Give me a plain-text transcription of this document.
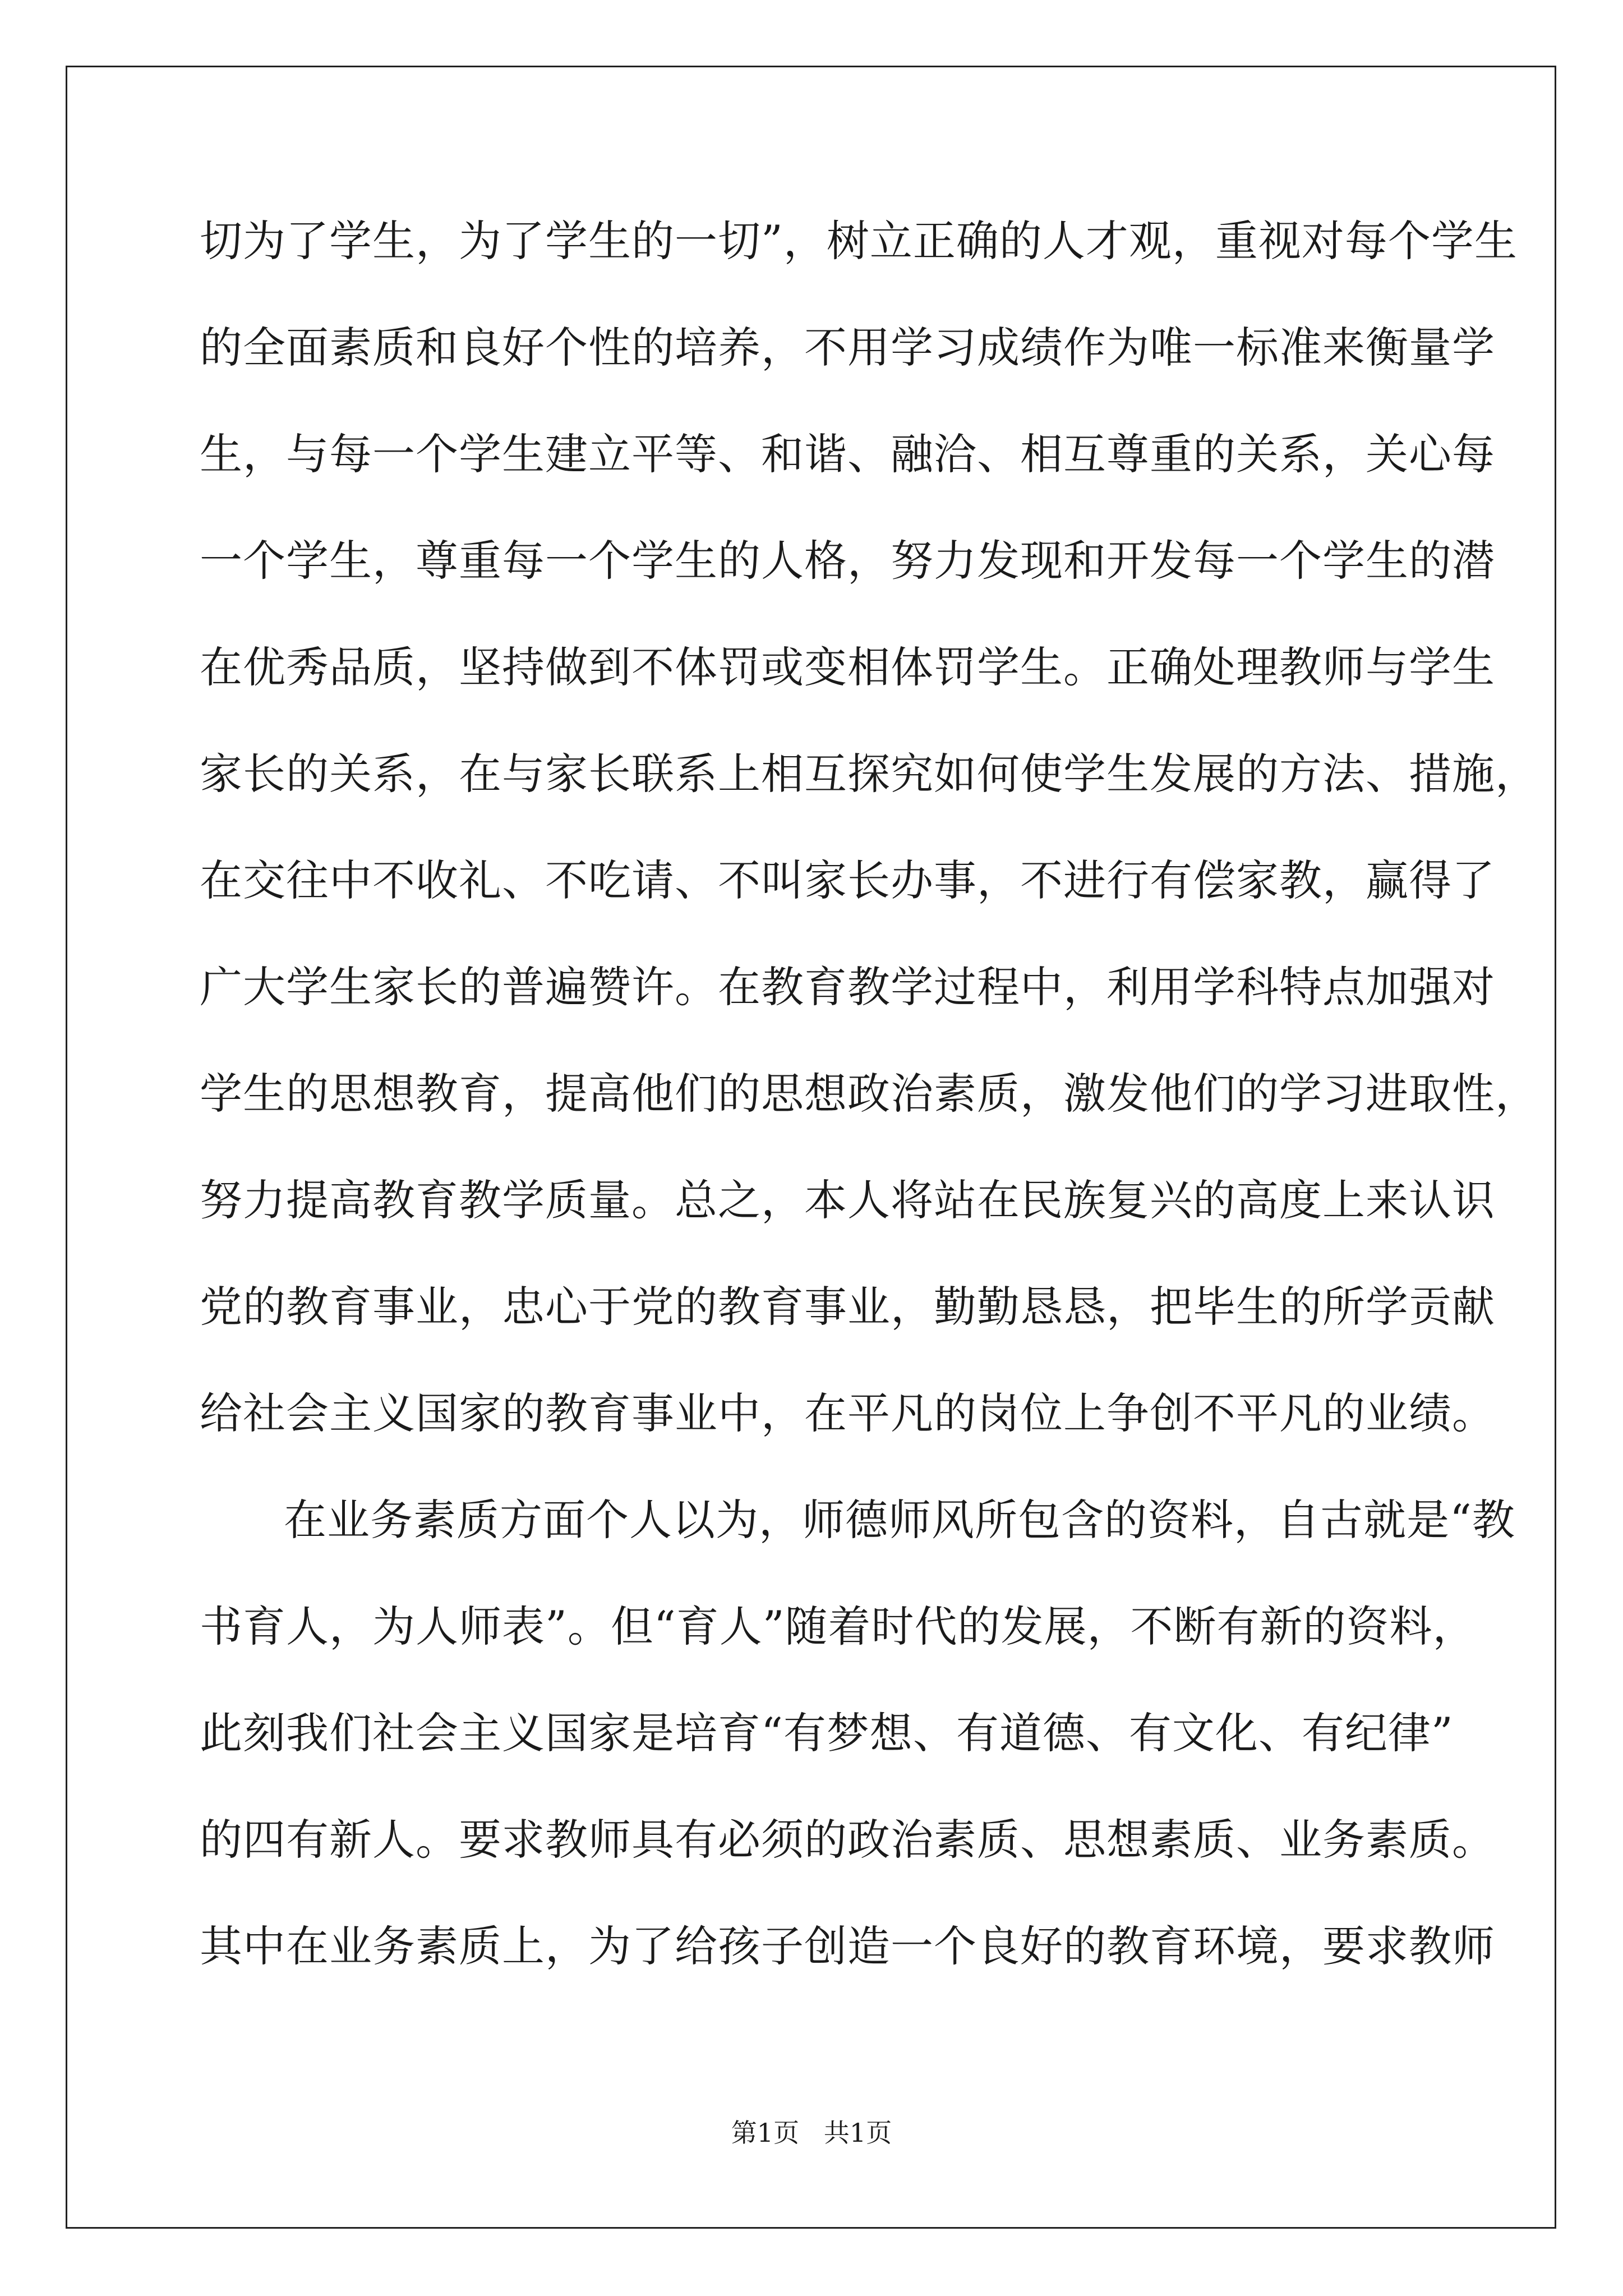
切为了学生，为了学生的一切”，树立正确的人才观，重视对每个学生
的全面素质和良好个性的培养，不用学习成绩作为唯一标准来衡量学
生，与每一个学生建立平等、和谐、融洽、相互尊重的关系，关心每
一个学生，尊重每一个学生的人格，努力发现和开发每一个学生的潜
在优秀品质，坚持做到不体罚或变相体罚学生。正确处理教师与学生
家长的关系，在与家长联系上相互探究如何使学生发展的方法、措施，
在交往中不收礼、不吃请、不叫家长办事，不进行有偿家教，赢得了
广大学生家长的普遍赞许。在教育教学过程中，利用学科特点加强对
学生的思想教育，提高他们的思想政治素质，激发他们的学习进取性，
努力提高教育教学质量。总之，本人将站在民族复兴的高度上来认识
党的教育事业，忠心于党的教育事业，勤勤恳恳，把毕生的所学贡献
给社会主义国家的教育事业中，在平凡的岗位上争创不平凡的业绩。
在业务素质方面个人以为，师德师风所包含的资料，自古就是“教
书育人，为人师表”。但“育人”随着时代的发展，不断有新的资料，
此刻我们社会主义国家是培育“有梦想、有道德、有文化、有纪律”
的四有新人。要求教师具有必须的政治素质、思想素质、业务素质。
其中在业务素质上，为了给孩子创造一个良好的教育环境，要求教师
第1页   共1页
